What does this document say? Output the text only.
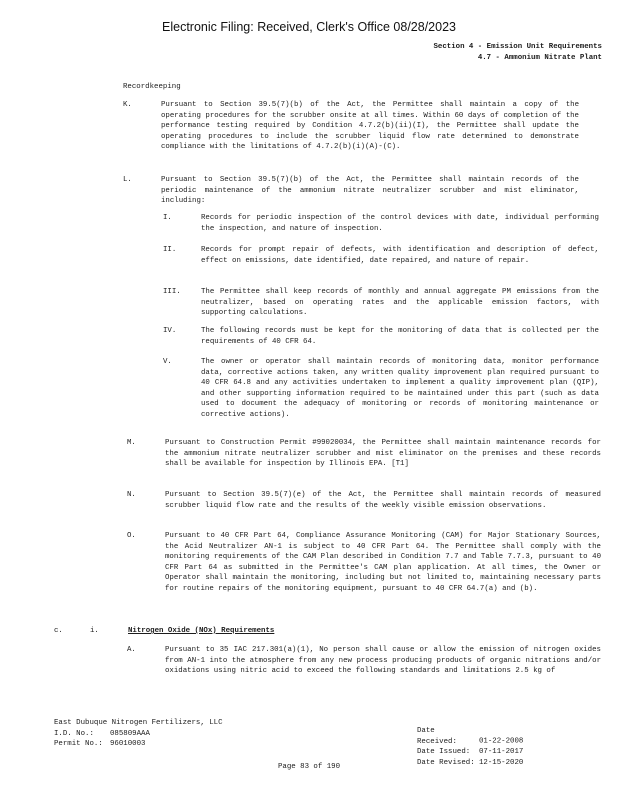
Electronic Filing: Received, Clerk's Office 08/28/2023
Section 4 - Emission Unit Requirements
4.7 - Ammonium Nitrate Plant
Recordkeeping
K.	Pursuant to Section 39.5(7)(b) of the Act, the Permittee shall maintain a copy of the operating procedures for the scrubber onsite at all times. Within 60 days of completion of the performance testing required by Condition 4.7.2(b)(ii)(I), the Permittee shall update the operating procedures to include the scrubber liquid flow rate determined to demonstrate compliance with the limitations of 4.7.2(b)(i)(A)-(C).
L.	Pursuant to Section 39.5(7)(b) of the Act, the Permittee shall maintain records of the periodic maintenance of the ammonium nitrate neutralizer scrubber and mist eliminator, including:
I.	Records for periodic inspection of the control devices with date, individual performing the inspection, and nature of inspection.
II.	Records for prompt repair of defects, with identification and description of defect, effect on emissions, date identified, date repaired, and nature of repair.
III.	The Permittee shall keep records of monthly and annual aggregate PM emissions from the neutralizer, based on operating rates and the applicable emission factors, with supporting calculations.
IV.	The following records must be kept for the monitoring of data that is collected per the requirements of 40 CFR 64.
V.	The owner or operator shall maintain records of monitoring data, monitor performance data, corrective actions taken, any written quality improvement plan required pursuant to 40 CFR 64.8 and any activities undertaken to implement a quality improvement plan (QIP), and other supporting information required to be maintained under this part (such as data used to document the adequacy of monitoring or records of monitoring maintenance or corrective actions).
M.	Pursuant to Construction Permit #99020034, the Permittee shall maintain maintenance records for the ammonium nitrate neutralizer scrubber and mist eliminator on the premises and these records shall be available for inspection by Illinois EPA. [T1]
N.	Pursuant to Section 39.5(7)(e) of the Act, the Permittee shall maintain records of measured scrubber liquid flow rate and the results of the weekly visible emission observations.
O.	Pursuant to 40 CFR Part 64, Compliance Assurance Monitoring (CAM) for Major Stationary Sources, the Acid Neutralizer AN-1 is subject to 40 CFR Part 64. The Permittee shall comply with the monitoring requirements of the CAM Plan described in Condition 7.7 and Table 7.7.3, pursuant to 40 CFR Part 64 as submitted in the Permittee's CAM plan application. At all times, the Owner or Operator shall maintain the monitoring, including but not limited to, maintaining necessary parts for routine repairs of the monitoring equipment, pursuant to 40 CFR 64.7(a) and (b).
c.	i.	Nitrogen Oxide (NOx) Requirements
A.	Pursuant to 35 IAC 217.301(a)(1), No person shall cause or allow the emission of nitrogen oxides from AN-1 into the atmosphere from any new process producing products of organic nitrations and/or oxidations using nitric acid to exceed the following standards and limitations 2.5 kg of
East Dubuque Nitrogen Fertilizers, LLC
I.D. No.: 085809AAA
Permit No.: 96010003
Date Received:	01-22-2008
Date Issued: 07-11-2017
Date Revised: 12-15-2020
Page 83 of 190
